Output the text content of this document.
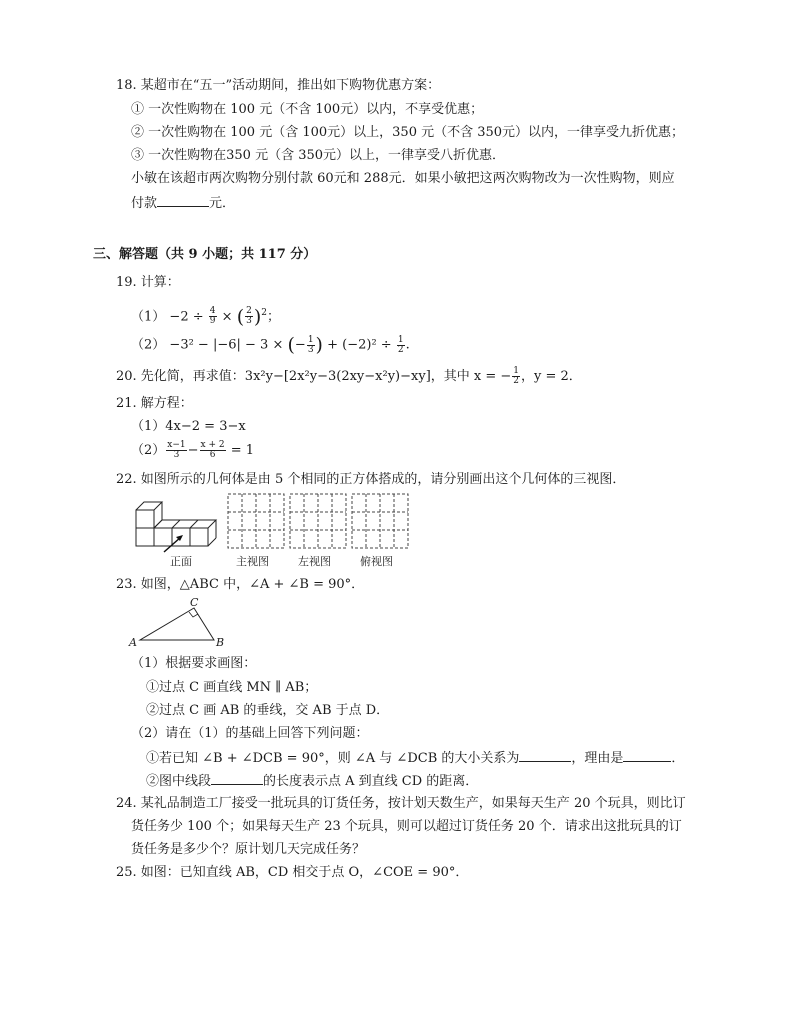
18. 某超市在“五一”活动期间，推出如下购物优惠方案：
① 一次性购物在 100 元（不含 100元）以内，不享受优惠；
② 一次性购物在 100 元（含 100元）以上，350 元（不含 350元）以内，一律享受九折优惠；
③ 一次性购物在350 元（含 350元）以上，一律享受八折优惠．
小敏在该超市两次购物分别付款 60元和 288元．如果小敏把这两次购物改为一次性购物，则应
付款	元．
三、解答题（共 9 小题；共 117 分）
19. 计算：
$(1) -2 \div \frac{4}{9}$ × ( $\frac{2}{3} )^2$；
（2） −3² − |−6| − 3 × (− $\frac{1}{3}$ ) + $(-2)^2 \div \frac{1}{2}$ .
20. 先化简，再求值：3x²y−[2x²y−3(2xy−x²y)−xy]，其中 x = − $\frac{1}{2}$ ，y = 2．
21. 解方程：
（1）4x−2 = 3−x
$(2) \frac{x-1}{3} - \frac{x + 2}{6} = 1$
22. 如图所示的几何体是由 5 个相同的正方体搭成的，请分别画出这个几何体的三视图．
正面	主视图	左视图	俯视图
23. 如图，△ABC 中，∠A + ∠B = 90°．
A	B
C
（1）根据要求画图：
①过点 C 画直线 MN ∥ AB；
②过点 C 画 AB 的垂线，交 AB 于点 D．
（2）请在（1）的基础上回答下列问题：
①若已知 ∠B + ∠DCB = 90°，则 ∠A 与 ∠DCB 的大小关系为	，理由是	．
②图中线段	的长度表示点 A 到直线 CD 的距离．
24. 某礼品制造工厂接受一批玩具的订货任务，按计划天数生产，如果每天生产 20 个玩具，则比订
货任务少 100 个；如果每天生产 23 个玩具，则可以超过订货任务 20 个．请求出这批玩具的订
货任务是多少个？原计划几天完成任务？
25. 如图：已知直线 AB，CD 相交于点 O，∠COE = 90°．
